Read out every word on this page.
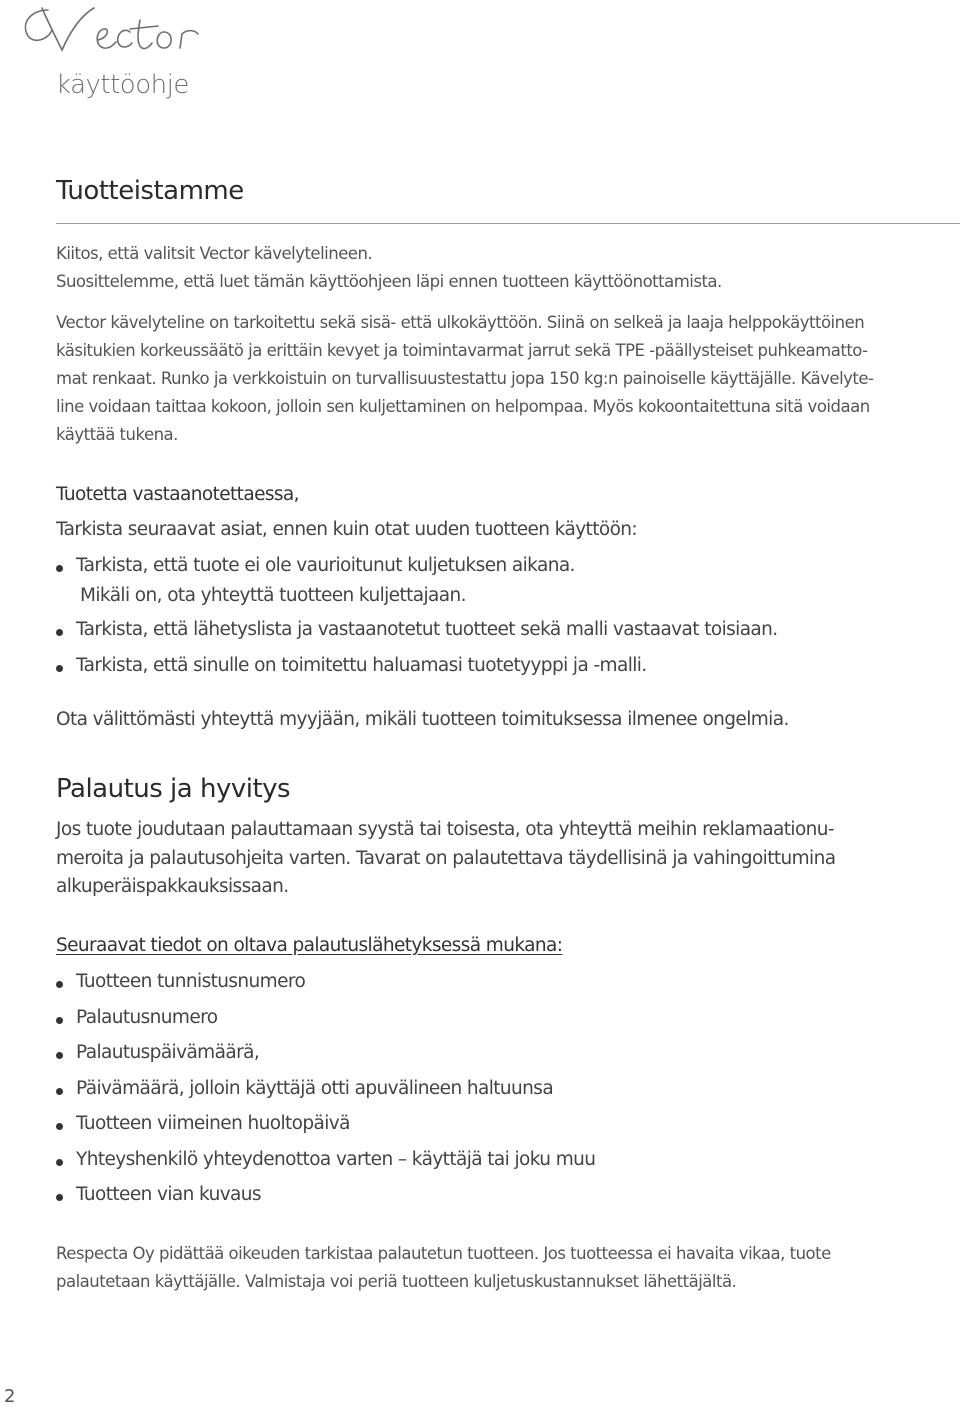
käyttöohje
Tuotteistamme
Kiitos, että valitsit Vector kävelytelineen.
Suosittelemme, että luet tämän käyttöohjeen läpi ennen tuotteen käyttöönottamista.
Vector kävelyteline on tarkoitettu sekä sisä- että ulkokäyttöön. Siinä on selkeä ja laaja helppokäyttöinen
käsitukien korkeussäätö ja erittäin kevyet ja toimintavarmat jarrut sekä TPE -päällysteiset puhkeamatto-
mat renkaat. Runko ja verkkoistuin on turvallisuustestattu jopa 150 kg:n painoiselle käyttäjälle. Kävelyte-
line voidaan taittaa kokoon, jolloin sen kuljettaminen on helpompaa. Myös kokoontaitettuna sitä voidaan
käyttää tukena.
Tuotetta vastaanotettaessa,
Tarkista seuraavat asiat, ennen kuin otat uuden tuotteen käyttöön:
Tarkista, että tuote ei ole vaurioitunut kuljetuksen aikana.
Mikäli on, ota yhteyttä tuotteen kuljettajaan.
Tarkista, että lähetyslista ja vastaanotetut tuotteet sekä malli vastaavat toisiaan.
Tarkista, että sinulle on toimitettu haluamasi tuotetyyppi ja -malli.
Ota välittömästi yhteyttä myyjään, mikäli tuotteen toimituksessa ilmenee ongelmia.
Palautus ja hyvitys
Jos tuote joudutaan palauttamaan syystä tai toisesta, ota yhteyttä meihin reklamaationu-
meroita ja palautusohjeita varten. Tavarat on palautettava täydellisinä ja vahingoittumina
alkuperäispakkauksissaan.
Seuraavat tiedot on oltava palautuslähetyksessä mukana:
Tuotteen tunnistusnumero
Palautusnumero
Palautuspäivämäärä,
Päivämäärä, jolloin käyttäjä otti apuvälineen haltuunsa
Tuotteen viimeinen huoltopäivä
Yhteyshenkilö yhteydenottoa varten – käyttäjä tai joku muu
Tuotteen vian kuvaus
Respecta Oy pidättää oikeuden tarkistaa palautetun tuotteen. Jos tuotteessa ei havaita vikaa, tuote
palautetaan käyttäjälle. Valmistaja voi periä tuotteen kuljetuskustannukset lähettäjältä.
2
